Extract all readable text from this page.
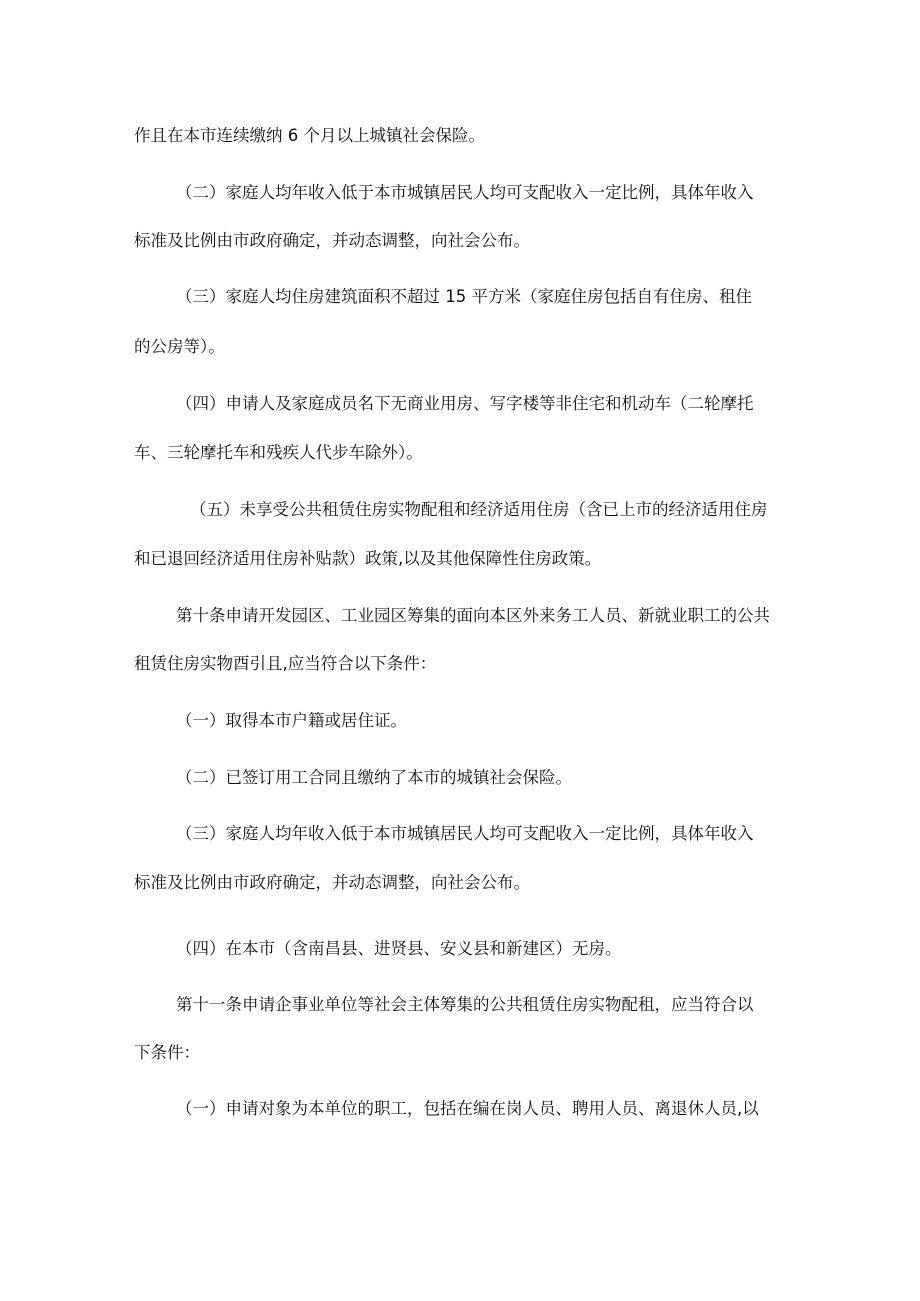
作且在本市连续缴纳 6 个月以上城镇社会保险。
（二）家庭人均年收入低于本市城镇居民人均可支配收入一定比例，具体年收入
标准及比例由市政府确定，并动态调整，向社会公布。
（三）家庭人均住房建筑面积不超过 15 平方米（家庭住房包括自有住房、租住
的公房等）。
（四）申请人及家庭成员名下无商业用房、写字楼等非住宅和机动车（二轮摩托
车、三轮摩托车和残疾人代步车除外）。
（五）未享受公共租赁住房实物配租和经济适用住房（含已上市的经济适用住房
和已退回经济适用住房补贴款）政策,以及其他保障性住房政策。
第十条申请开发园区、工业园区筹集的面向本区外来务工人员、新就业职工的公共
租赁住房实物酉引且,应当符合以下条件：
（一）取得本市户籍或居住证。
（二）已签订用工合同且缴纳了本市的城镇社会保险。
（三）家庭人均年收入低于本市城镇居民人均可支配收入一定比例，具体年收入
标准及比例由市政府确定，并动态调整，向社会公布。
（四）在本市（含南昌县、进贤县、安义县和新建区）无房。
第十一条申请企事业单位等社会主体筹集的公共租赁住房实物配租，应当符合以
下条件：
（一）申请对象为本单位的职工，包括在编在岗人员、聘用人员、离退休人员,以
